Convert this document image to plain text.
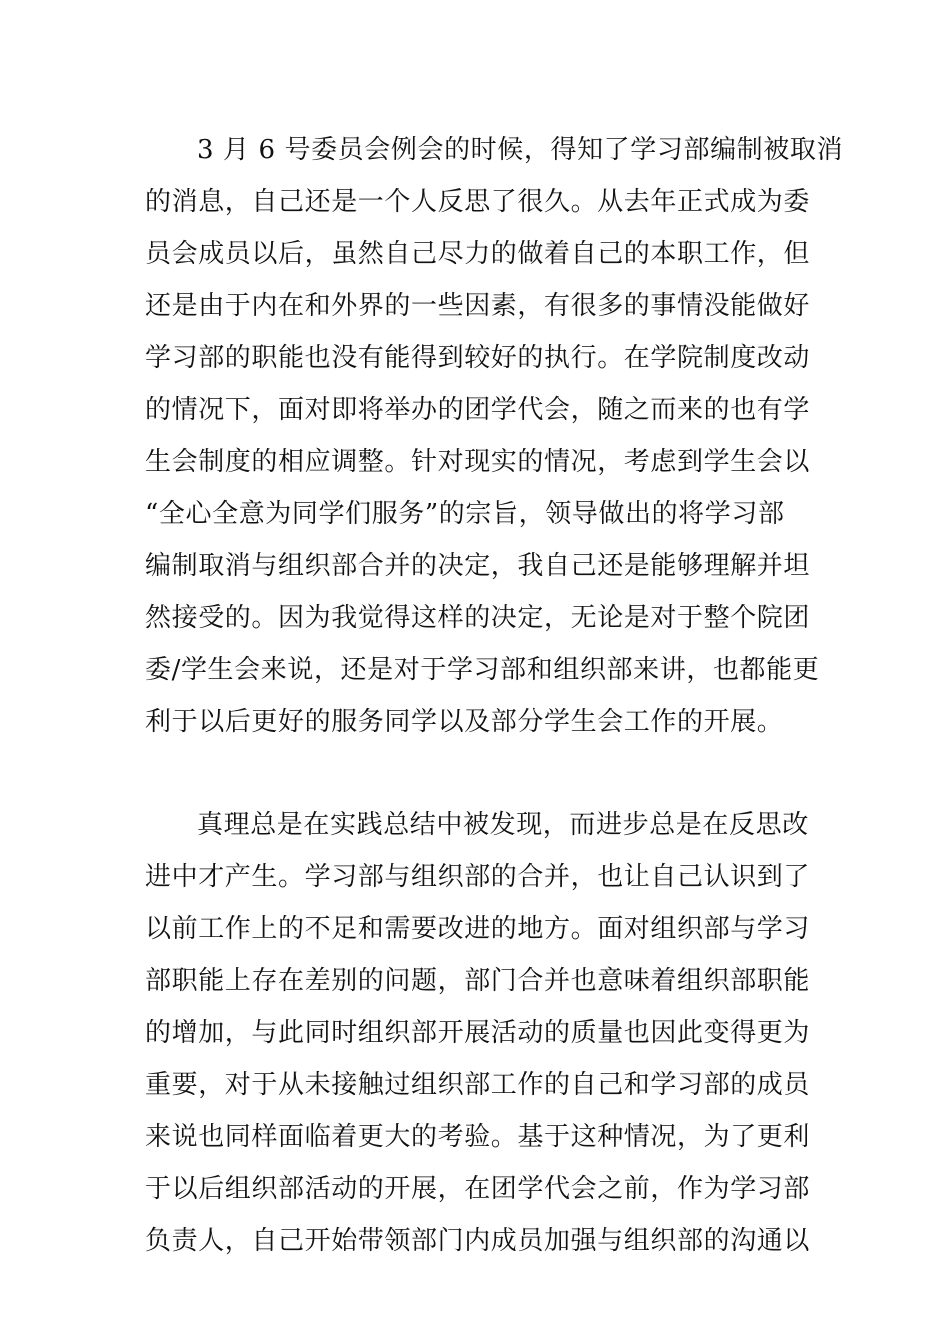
3 月 6 号委员会例会的时候，得知了学习部编制被取消
的消息，自己还是一个人反思了很久。从去年正式成为委
员会成员以后，虽然自己尽力的做着自己的本职工作，但
还是由于内在和外界的一些因素，有很多的事情没能做好
学习部的职能也没有能得到较好的执行。在学院制度改动
的情况下，面对即将举办的团学代会，随之而来的也有学
生会制度的相应调整。针对现实的情况，考虑到学生会以
“全心全意为同学们服务”的宗旨，领导做出的将学习部
编制取消与组织部合并的决定，我自己还是能够理解并坦
然接受的。因为我觉得这样的决定，无论是对于整个院团
委/学生会来说，还是对于学习部和组织部来讲，也都能更
利于以后更好的服务同学以及部分学生会工作的开展。
真理总是在实践总结中被发现，而进步总是在反思改
进中才产生。学习部与组织部的合并，也让自己认识到了
以前工作上的不足和需要改进的地方。面对组织部与学习
部职能上存在差别的问题，部门合并也意味着组织部职能
的增加，与此同时组织部开展活动的质量也因此变得更为
重要，对于从未接触过组织部工作的自己和学习部的成员
来说也同样面临着更大的考验。基于这种情况，为了更利
于以后组织部活动的开展，在团学代会之前，作为学习部
负责人，自己开始带领部门内成员加强与组织部的沟通以
